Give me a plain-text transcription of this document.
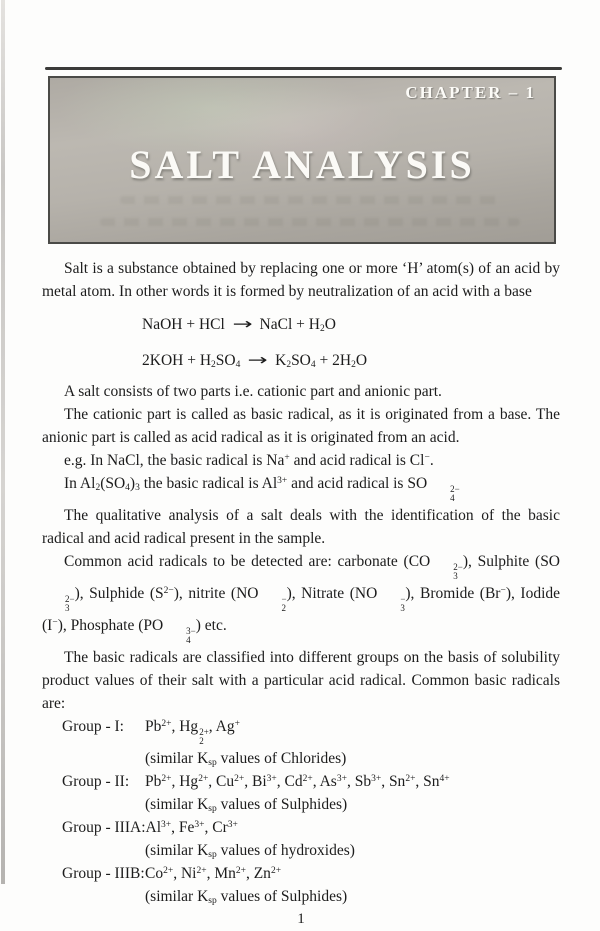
CHAPTER – 1
SALT ANALYSIS

Salt is a substance obtained by replacing one or more ‘H’ atom(s) of an acid by metal atom. In other words it is formed by neutralization of an acid with a base

NaOH + HCl → NaCl + $H_2O$

$2KOH + H_2SO_4 \to K_2SO_4 + 2H_2O$

A salt consists of two parts i.e. cationic part and anionic part.

The cationic part is called as basic radical, as it is originated from a base. The anionic part is called as acid radical as it is originated from an acid.

e.g. In NaCl, the basic radical is Na+ and acid radical is Cl−.

In $Al_2(SO_4)_3$ the basic radical is $Al^{3+}$ and acid radical is SO	2−
4

The qualitative analysis of a salt deals with the identification of the basic radical and acid radical present in the sample.

Common acid radicals to be detected are: carbonate (CO	2−
3
), Sulphite (SO
2−
3
), Sulphide $(S^{2-})$, nitrite (NO	−
2
), Nitrate (NO	−
3
), Bromide (Br−), Iodide (I−), Phosphate (PO	3−
4
) etc.

The basic radicals are classified into different groups on the basis of solubility product values of their salt with a particular acid radical. Common basic radicals are:

Group - I:	$Pb^{2+}$, Hg 2+
2
, Ag+
(similar $K_{sp}$ values of Chlorides)
Group - II:	$Pb^{2+}$, $Hg^{2+}$, $Cu^{2+}$, $Bi^{3+}$, $Cd^{2+}$, $As^{3+}$, $Sb^{3+}$, $Sn^{2+}$, $Sn^{4+}$
(similar $K_{sp}$ values of Sulphides)
Group - IIIA: $Al^{3+}$, $Fe^{3+}$, $Cr^{3+}$
(similar $K_{sp}$ values of hydroxides)
Group - IIIB: $Co^{2+}$, $Ni^{2+}$, $Mn^{2+}$, $Zn^{2+}$
(similar $K_{sp}$ values of Sulphides)
1
